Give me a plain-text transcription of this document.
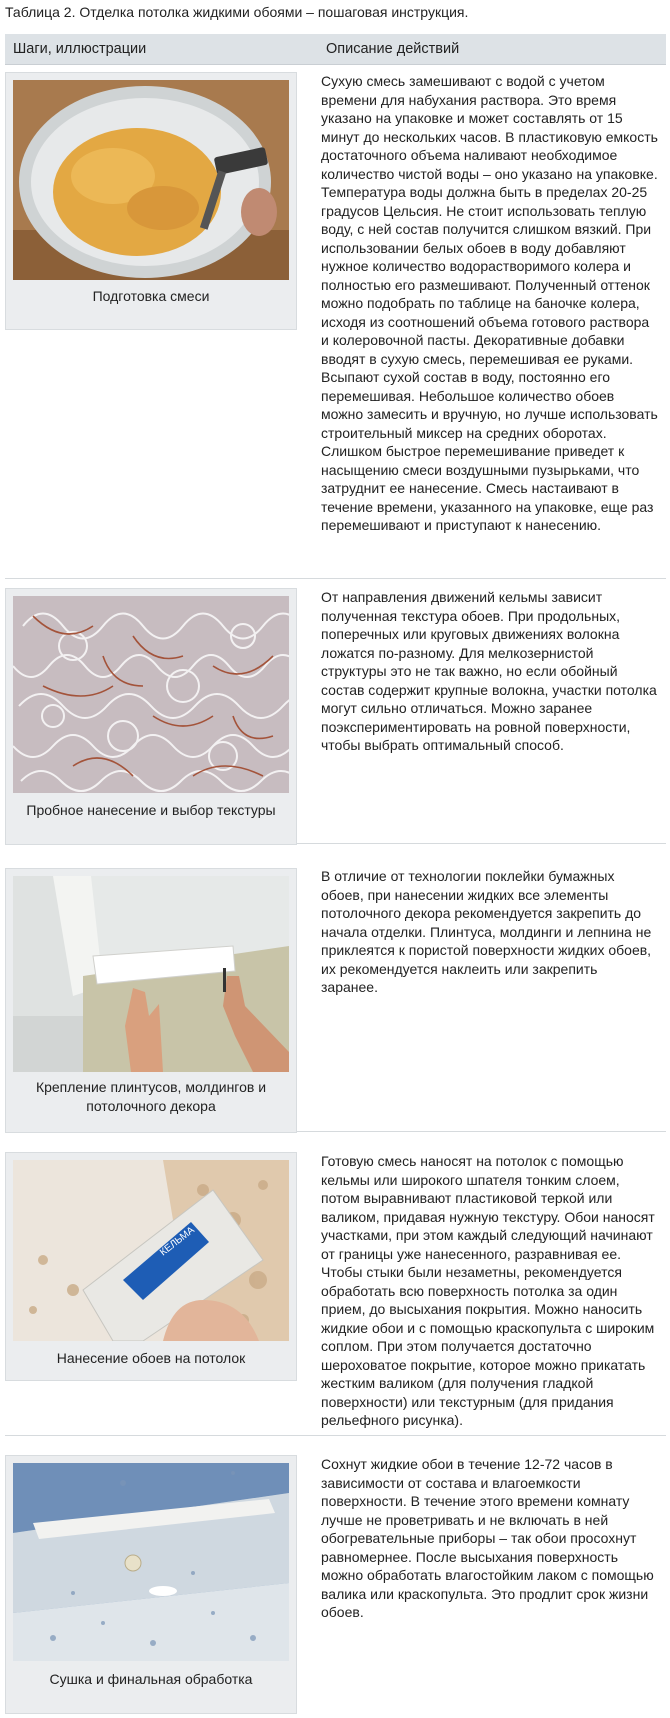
Таблица 2. Отделка потолка жидкими обоями – пошаговая инструкция.
Шаги, иллюстрации	Описание действий
Подготовка смеси
Сухую смесь замешивают с водой с учетом времени для набухания раствора. Это время указано на упаковке и может составлять от 15 минут до нескольких часов. В пластиковую емкость достаточного объема наливают необходимое количество чистой воды – оно указано на упаковке. Температура воды должна быть в пределах 20-25 градусов Цельсия. Не стоит использовать теплую воду, с ней состав получится слишком вязкий. При использовании белых обоев в воду добавляют нужное количество водорастворимого колера и полностью его размешивают. Полученный оттенок можно подобрать по таблице на баночке колера, исходя из соотношений объема готового раствора и колеровочной пасты. Декоративные добавки вводят в сухую смесь, перемешивая ее руками. Всыпают сухой состав в воду, постоянно его перемешивая. Небольшое количество обоев можно замесить и вручную, но лучше использовать строительный миксер на средних оборотах. Слишком быстрое перемешивание приведет к насыщению смеси воздушными пузырьками, что затруднит ее нанесение. Смесь настаивают в течение времени, указанного на упаковке, еще раз перемешивают и приступают к нанесению.
Пробное нанесение и выбор текстуры
От направления движений кельмы зависит полученная текстура обоев. При продольных, поперечных или круговых движениях волокна ложатся по-разному. Для мелкозернистой структуры это не так важно, но если обойный состав содержит крупные волокна, участки потолка могут сильно отличаться. Можно заранее поэкспериментировать на ровной поверхности, чтобы выбрать оптимальный способ.
Крепление плинтусов, молдингов и потолочного декора
В отличие от технологии поклейки бумажных обоев, при нанесении жидких все элементы потолочного декора рекомендуется закрепить до начала отделки. Плинтуса, молдинги и лепнина не приклеятся к пористой поверхности жидких обоев, их рекомендуется наклеить или закрепить заранее.
КЕЛЬМА
Нанесение обоев на потолок
Готовую смесь наносят на потолок с помощью кельмы или широкого шпателя тонким слоем, потом выравнивают пластиковой теркой или валиком, придавая нужную текстуру. Обои наносят участками, при этом каждый следующий начинают от границы уже нанесенного, разравнивая ее. Чтобы стыки были незаметны, рекомендуется обработать всю поверхность потолка за один прием, до высыхания покрытия. Можно наносить жидкие обои и с помощью краскопульта с широким соплом. При этом получается достаточно шероховатое покрытие, которое можно прикатать жестким валиком (для получения гладкой поверхности) или текстурным (для придания рельефного рисунка).
Сушка и финальная обработка
Сохнут жидкие обои в течение 12-72 часов в зависимости от состава и влагоемкости поверхности. В течение этого времени комнату лучше не проветривать и не включать в ней обогревательные приборы – так обои просохнут равномернее. После высыхания поверхность можно обработать влагостойким лаком с помощью валика или краскопульта. Это продлит срок жизни обоев.
